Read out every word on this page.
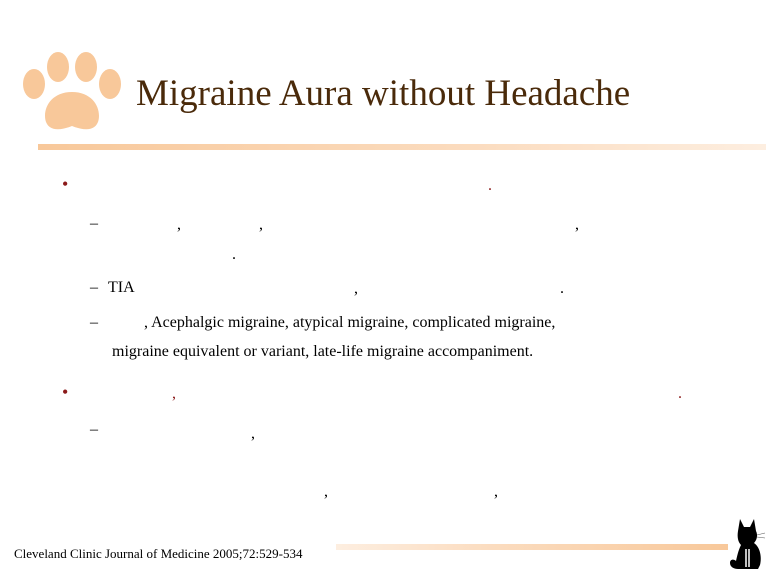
Migraine Aura without Headache
•	.
–	,	,	,
.
– TIA	,	.
–	, Acephalgic migraine, atypical migraine, complicated migraine,
migraine equivalent or variant, late-life migraine accompaniment.
•	,	.
–	,
,	,
Cleveland Clinic Journal of Medicine 2005;72:529-534
